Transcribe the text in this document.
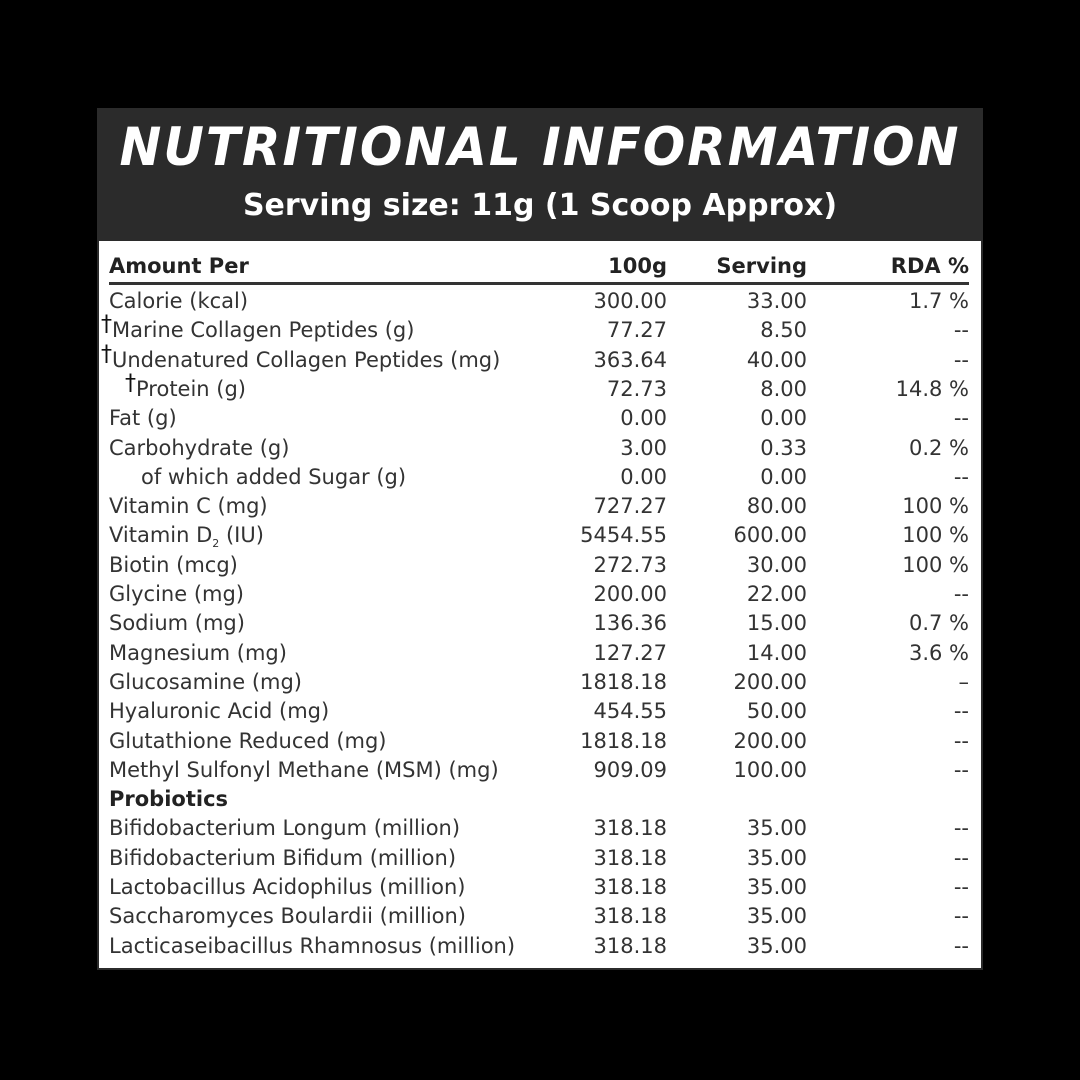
NUTRITIONAL INFORMATION
Serving size: 11g (1 Scoop Approx)
Amount Per	100g Serving	RDA %
Calorie (kcal)	300.00	33.00	1.7 %
†Marine Collagen Peptides (g)	77.27	8.50	--
†Undenatured Collagen Peptides (mg)	363.64	40.00	--
†Protein (g)	72.73	8.00	14.8 %
Fat (g)	0.00	0.00	--
Carbohydrate (g)	3.00	0.33	0.2 %
of which added Sugar (g)	0.00	0.00	--
Vitamin C (mg)	727.27	80.00	100 %
Vitamin $D_2$ (IU)	5454.55	600.00	100 %
Biotin (mcg)	272.73	30.00	100 %
Glycine (mg)	200.00	22.00	--
Sodium (mg)	136.36	15.00	0.7 %
Magnesium (mg)	127.27	14.00	3.6 %
Glucosamine (mg)	1818.18	200.00	–
Hyaluronic Acid (mg)	454.55	50.00	--
Glutathione Reduced (mg)	1818.18	200.00	--
Methyl Sulfonyl Methane (MSM) (mg)	909.09	100.00	--
Probiotics
Bifidobacterium Longum (million)	318.18	35.00	--
Bifidobacterium Bifidum (million)	318.18	35.00	--
Lactobacillus Acidophilus (million)	318.18	35.00	--
Saccharomyces Boulardii (million)	318.18	35.00	--
Lacticaseibacillus Rhamnosus (million)	318.18	35.00	--
